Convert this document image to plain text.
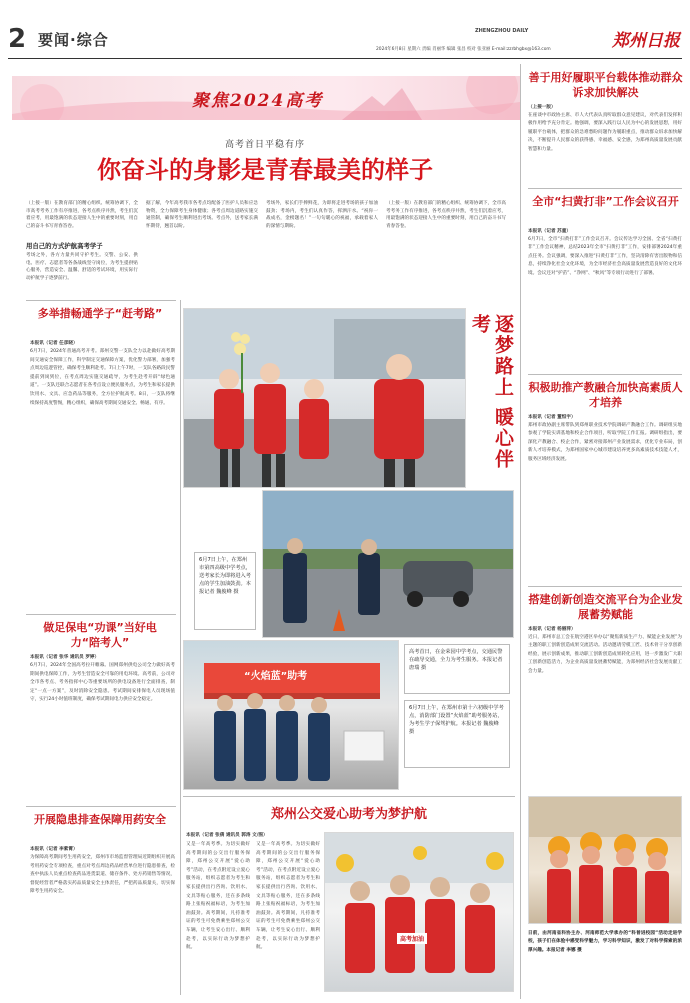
2 要闻·综合	ZHENGZHOU DAILY
2024年6月8日 星期六 责编 肖丽华 编辑 张昌 校对 张亚丽 E-mail:zzrbhgbx@163.com	郑州日报
聚焦2024高考
高考首日平稳有序
你奋斗的身影是青春最美的样子
（上接一版）在教育部门的精心组织、统筹协调下，全市高考考务工作有序推进，各考点秩序井然，考生们沉着应考，用最饱满的状态迎接人生中的重要时刻，用自己的奋斗书写青春答卷。
用自己的方式护航高考学子
考场之外，各方力量共同守护考生。交警、公安、供电、医疗、志愿者等各条战线坚守岗位，为考生提供贴心服务，营造安全、温馨、舒适的考试环境，用实际行动护航学子逐梦前行。
据了解，今年高考我市各考点均配备了医护人员和应急物资，全力保障考生身体健康；各考点周边道路实施交通管制，确保考生顺利进出考场。考点外，送考家长满怀期待，翘首以盼。
考场外，家长们手捧鲜花，为即将走进考场的孩子加油鼓劲；考场内，考生们认真作答，挥洒汗水。“祝你一战成名，金榜题名！”一句句暖心的祝福，承载着家人的深情与期盼。
（上接一版）在教育部门的精心组织、统筹协调下，全市高考考务工作有序推进，各考点秩序井然，考生们沉着应考，用最饱满的状态迎接人生中的重要时刻，用自己的奋斗书写青春答卷。
多举措畅通学子“赶考路”
本报讯（记者 任彦晓）
6月7日，2024年普通高考开考。郑州交警一支队全力以赴做好高考期间交通安全保障工作，科学制定交通保障方案，优化警力部署，加强考点周边巡逻管控，确保考生顺利赴考。7日上午7时，一支队各路段民警提前到岗到位，在考点周边实施交通疏导，为考生赴考开辟“绿色通道”。一支队还联合志愿者在各考点设立便民服务点，为考生和家长提供饮用水、文具、应急药品等服务，全方位护航高考。8日，一支队将继续保持高度警惕，精心组织，确保高考期间交通安全、畅通、有序。
做足保电“功课”当好电力“陪考人”
本报讯（记者 张华 通讯员 罗婷）
6月7日，2024年全国高考拉开帷幕。国网郑州供电公司全力做好高考期间供电保障工作，为考生营造安全可靠的用电环境。高考前，公司对全市各考点、考务指挥中心等重要场所的供电设备进行全面排查，制定“一点一方案”，及时消除安全隐患。考试期间安排保电人员现场值守，实行24小时值班制度，确保考试期间电力供应安全稳定。
开展隐患排查保障用药安全
本报讯（记者 李紫霄）
为保障高考期间考生用药安全，郑州市市场监督管理局近期组织开展高考用药安全专项检查，重点对考点周边药品经营单位进行隐患排查，检查中执法人员重点检查药品进货渠道、储存条件、处方药销售等情况，督促经营者严格落实药品质量安全主体责任，严把药品质量关，切实保障考生用药安全。
逐梦路上 暖心伴考
“火焰蓝”助考
6月7日上午，在郑州市第四高级中学考点，送考家长为即将进入考点的学生加油鼓劲。本报记者 魏俊峰 摄
高考首日，在金荣园中学考点，交通民警在疏导交通，全力为考生服务。本报记者 唐瑞 摄
6月7日上午，在郑州市第十六初级中学考点，消防部门设置“火焰蓝”助考服务站，为考生学子保驾护航。本报记者 魏俊峰 摄
郑州公交爱心助考为梦护航
本报讯（记者 张倩 通讯员 郭涛 文/图）
又是一年高考季。为切实做好高考期间的公交出行服务保障，郑州公交开展“爱心助考”活动，在考点附近设立爱心服务站，组织志愿者为考生和家长提供出行咨询、饮用水、文具等贴心服务，还在多条线路上张贴祝福标语，为考生加油鼓劲。高考期间，凡持准考证的考生可免费乘坐郑州公交车辆，让考生安心出行、顺利赴考，以实际行动为梦想护航。
又是一年高考季。为切实做好高考期间的公交出行服务保障，郑州公交开展“爱心助考”活动，在考点附近设立爱心服务站，组织志愿者为考生和家长提供出行咨询、饮用水、文具等贴心服务，还在多条线路上张贴祝福标语，为考生加油鼓劲。高考期间，凡持准考证的考生可免费乘坐郑州公交车辆，让考生安心出行、顺利赴考，以实际行动为梦想护航。
高考加油
善于用好履职平台载体推动群众诉求加快解决
（上接一版）
在座谈中市政协主席、市人大代表认真听取群众意见建议，对代表们发挥积极作用给予充分肯定。他强调，要深入践行以人民为中心的发展思想，用好履职平台载体，把群众的急难愁盼问题作为履职重点，推动群众诉求加快解决，不断提升人民群众的获得感、幸福感、安全感，为郑州高质量发展贡献智慧和力量。
全市“扫黄打非”工作会议召开
本报讯（记者 苏童）
6月7日，全市“扫黄打非”工作会议召开。会议传达学习全国、全省“扫黄打非”工作会议精神，总结2023年全市“扫黄打非”工作，安排部署2024年重点任务。会议强调，要深入推进“扫黄打非”工作，坚决清除有害出版物和信息，持续净化社会文化环境，为全市经济社会高质量发展营造良好的文化环境。会议还对“护苗”、“净网”、“秋风”等专项行动进行了部署。
积极助推产教融合加快高素质人才培养
本报讯（记者 董恒宇）
郑州市政协副主席带队到郑州职业技术学院调研产教融合工作。调研组实地参观了学院实训基地和校企合作项目，听取学院工作汇报。调研组指出，要深化产教融合、校企合作，紧密对接郑州产业发展需求，优化专业布局，创新人才培养模式，为郑州国家中心城市建设培养更多高素质技术技能人才，服务区域经济发展。
搭建创新创造交流平台为企业发展蓄势赋能
本报讯（记者 杨丽萍）
近日，郑州市总工会在航空港区举办以“聚焦新质生产力、赋能企业发展”为主题的职工创新创造成果交流活动。活动邀请劳模工匠、技术骨干分享创新经验，展示创新成果，推动职工创新创造成果转化应用，进一步激发广大职工创新创造活力，为企业高质量发展蓄势赋能，为郑州经济社会发展贡献工会力量。
日前，由河南省科协主办、河南师范大学承办的“科普进校园”活动走进学校，孩子们在体验中感受科学魅力，学习科学知识，激发了对科学探索的浓厚兴趣。本报记者 李娜 摄
